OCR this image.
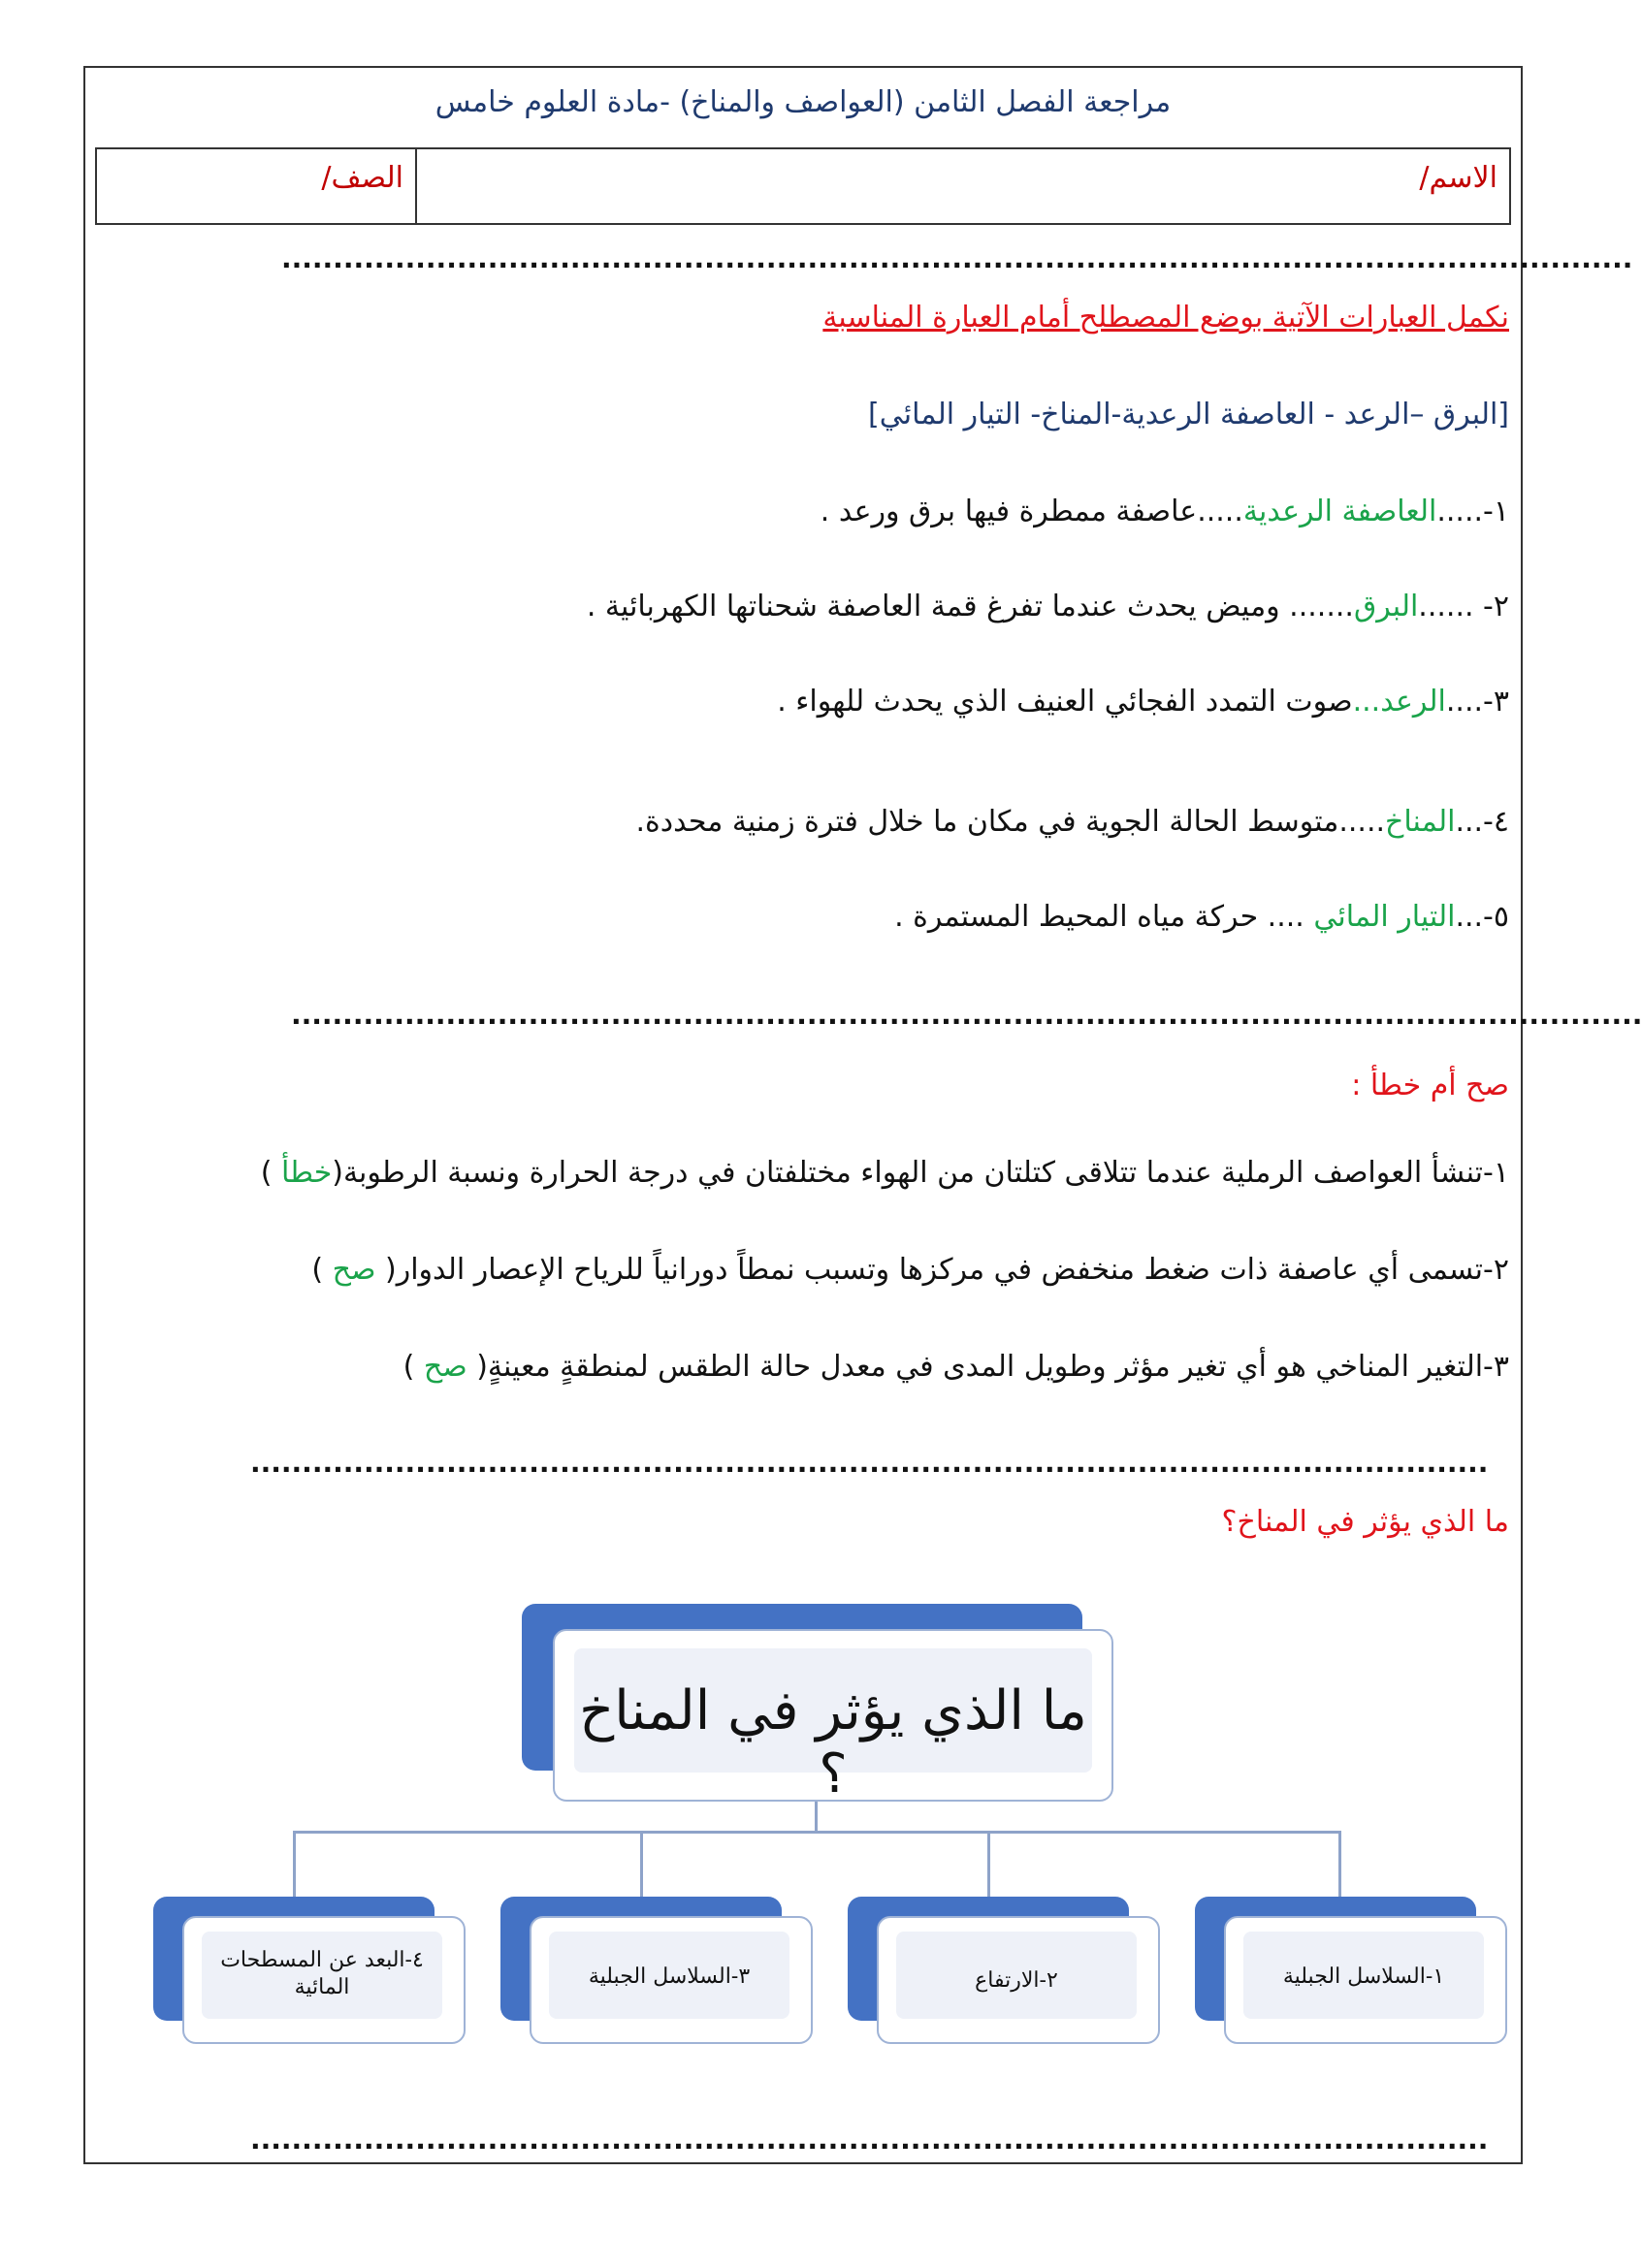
مراجعة الفصل الثامن (العواصف والمناخ) -مادة العلوم خامس
الاسم/
الصف/
...................................................................................................................................
نكمل العبارات الآتية بوضع المصطلح أمام العبارة المناسبة
[البرق –الرعد - العاصفة الرعدية-المناخ- التيار المائي]
١-.....العاصفة الرعدية.....عاصفة ممطرة فيها برق ورعد .
٢- ......البرق....... وميض يحدث عندما تفرغ قمة العاصفة شحناتها الكهربائية .
٣-....الرعد...صوت التمدد الفجائي العنيف الذي يحدث للهواء .
٤-...المناخ.....متوسط الحالة الجوية في مكان ما خلال فترة زمنية محددة.
٥-...التيار المائي .... حركة مياه المحيط المستمرة .
...................................................................................................................................
صح أم خطأ :
١-تنشأ العواصف الرملية عندما تتلاقى كتلتان من الهواء مختلفتان في درجة الحرارة ونسبة الرطوبة(خطأ )
٢-تسمى أي عاصفة ذات ضغط منخفض في مركزها وتسبب نمطاً دورانياً للرياح الإعصار الدوار( صح )
٣-التغير المناخي هو أي تغير مؤثر وطويل المدى في معدل حالة الطقس لمنطقةٍ معينةٍ( صح )
........................................................................................................................
ما الذي يؤثر في المناخ؟
ما الذي يؤثر في المناخ ؟
١-السلاسل الجبلية
٢-الارتفاع
٣-السلاسل الجبلية
٤-البعد عن المسطحات المائية
........................................................................................................................
